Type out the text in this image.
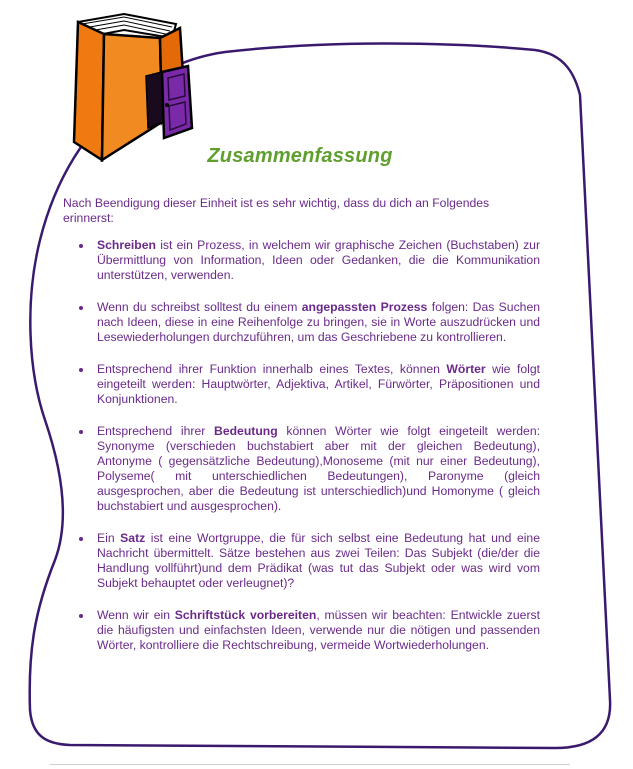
Zusammenfassung

Nach Beendigung dieser Einheit ist es sehr wichtig, dass du dich an Folgendes erinnerst:

Schreiben ist ein Prozess, in welchem wir graphische Zeichen (Buchstaben) zur Übermittlung von Information, Ideen oder Gedanken, die die Kommunikation unterstützen, verwenden.
Wenn du schreibst solltest du einem angepassten Prozess folgen: Das Suchen nach Ideen, diese in eine Reihenfolge zu bringen, sie in Worte auszudrücken und Lesewiederholungen durchzuführen, um das Geschriebene zu kontrollieren.
Entsprechend ihrer Funktion innerhalb eines Textes, können Wörter wie folgt eingeteilt werden: Hauptwörter, Adjektiva, Artikel, Fürwörter, Präpositionen und Konjunktionen.
Entsprechend ihrer Bedeutung können Wörter wie folgt eingeteilt werden: Synonyme (verschieden buchstabiert aber mit der gleichen Bedeutung), Antonyme ( gegensätzliche Bedeutung),Monoseme (mit nur einer Bedeutung), Polyseme( mit unterschiedlichen Bedeutungen), Paronyme (gleich ausgesprochen, aber die Bedeutung ist unterschiedlich)und Homonyme ( gleich buchstabiert und ausgesprochen).
Ein Satz ist eine Wortgruppe, die für sich selbst eine Bedeutung hat und eine Nachricht übermittelt. Sätze bestehen aus zwei Teilen: Das Subjekt (die/der die Handlung vollführt)und dem Prädikat (was tut das Subjekt oder was wird vom Subjekt behauptet oder verleugnet)?
Wenn wir ein Schriftstück vorbereiten, müssen wir beachten: Entwickle zuerst die häufigsten und einfachsten Ideen, verwende nur die nötigen und passenden Wörter, kontrolliere die Rechtschreibung, vermeide Wortwiederholungen.
